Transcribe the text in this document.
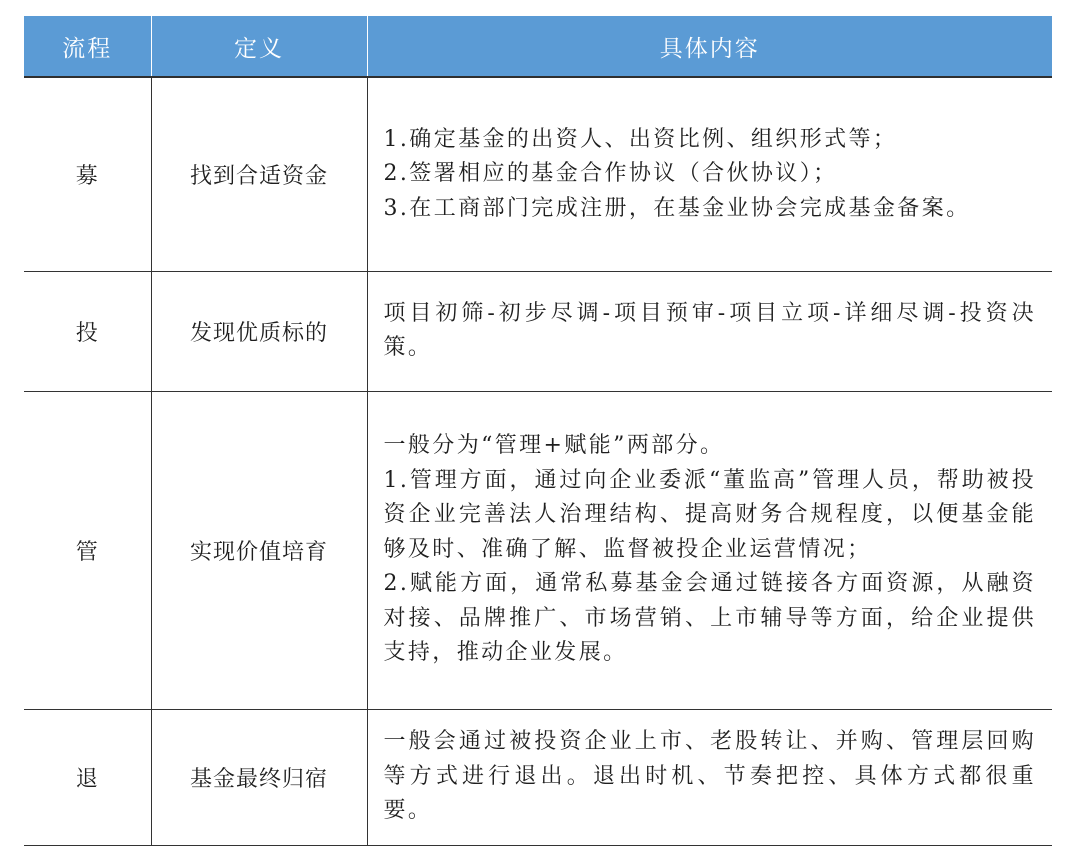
流程	定义	具体内容
募	找到合适资金	1.确定基金的出资人、出资比例、组织形式等；
2.签署相应的基金合作协议（合伙协议）；
3.在工商部门完成注册，在基金业协会完成基金备案。

投	发现优质标的	项目初筛-初步尽调-项目预审-项目立项-详细尽调-投资决策。

管	实现价值培育	一般分为“管理+赋能”两部分。
1.管理方面，通过向企业委派“董监高”管理人员，帮助被投资企业完善法人治理结构、提高财务合规程度，以便基金能够及时、准确了解、监督被投企业运营情况；
2.赋能方面，通常私募基金会通过链接各方面资源，从融资对接、品牌推广、市场营销、上市辅导等方面，给企业提供支持，推动企业发展。

退	基金最终归宿	一般会通过被投资企业上市、老股转让、并购、管理层回购等方式进行退出。退出时机、节奏把控、具体方式都很重要。
